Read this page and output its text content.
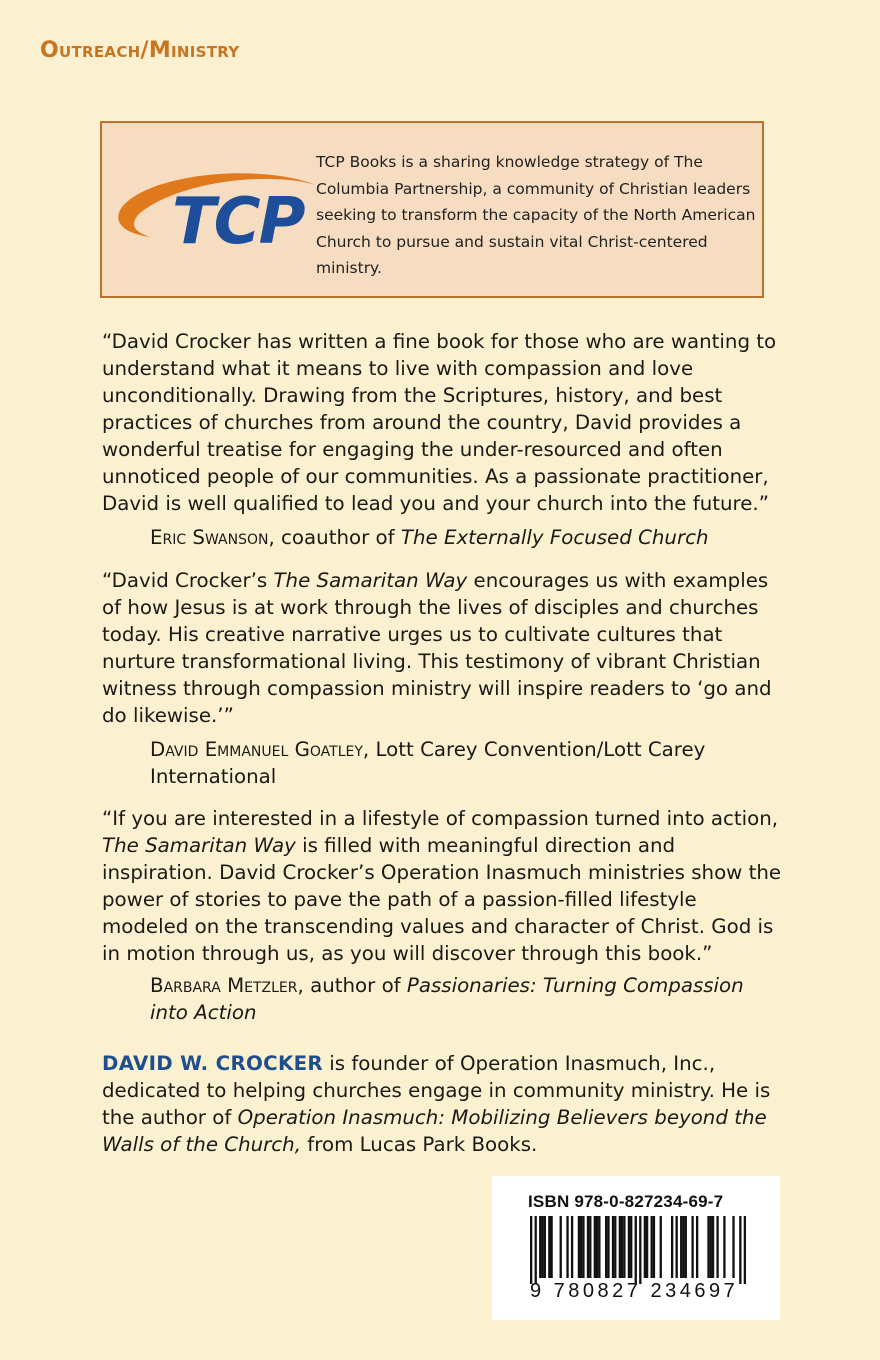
Outreach/Ministry
TCP
TCP Books is a sharing knowledge strategy of The Columbia Partnership, a community of Christian leaders seeking to transform the capacity of the North American Church to pursue and sustain vital Christ-centered ministry.

“David Crocker has written a fine book for those who are wanting to understand what it means to live with compassion and love unconditionally. Drawing from the Scriptures, history, and best practices of churches from around the country, David provides a wonderful treatise for engaging the under-resourced and often unnoticed people of our communities. As a passionate practitioner, David is well qualified to lead you and your church into the future.”

Eric Swanson, coauthor of The Externally Focused Church

“David Crocker’s The Samaritan Way encourages us with examples of how Jesus is at work through the lives of disciples and churches today. His creative narrative urges us to cultivate cultures that nurture transformational living. This testimony of vibrant Christian witness through compassion ministry will inspire readers to ‘go and do likewise.’”

David Emmanuel Goatley, Lott Carey Convention/Lott Carey International

“If you are interested in a lifestyle of compassion turned into action, The Samaritan Way is filled with meaningful direction and inspiration. David Crocker’s Operation Inasmuch ministries show the power of stories to pave the path of a passion-filled lifestyle modeled on the transcending values and character of Christ. God is in motion through us, as you will discover through this book.”

Barbara Metzler, author of Passionaries: Turning Compassion into Action

DAVID W. CROCKER is founder of Operation Inasmuch, Inc., dedicated to helping churches engage in community ministry. He is the author of Operation Inasmuch: Mobilizing Believers beyond the Walls of the Church, from Lucas Park Books.

ISBN 978-0-827234-69-7
9 780827 234697
